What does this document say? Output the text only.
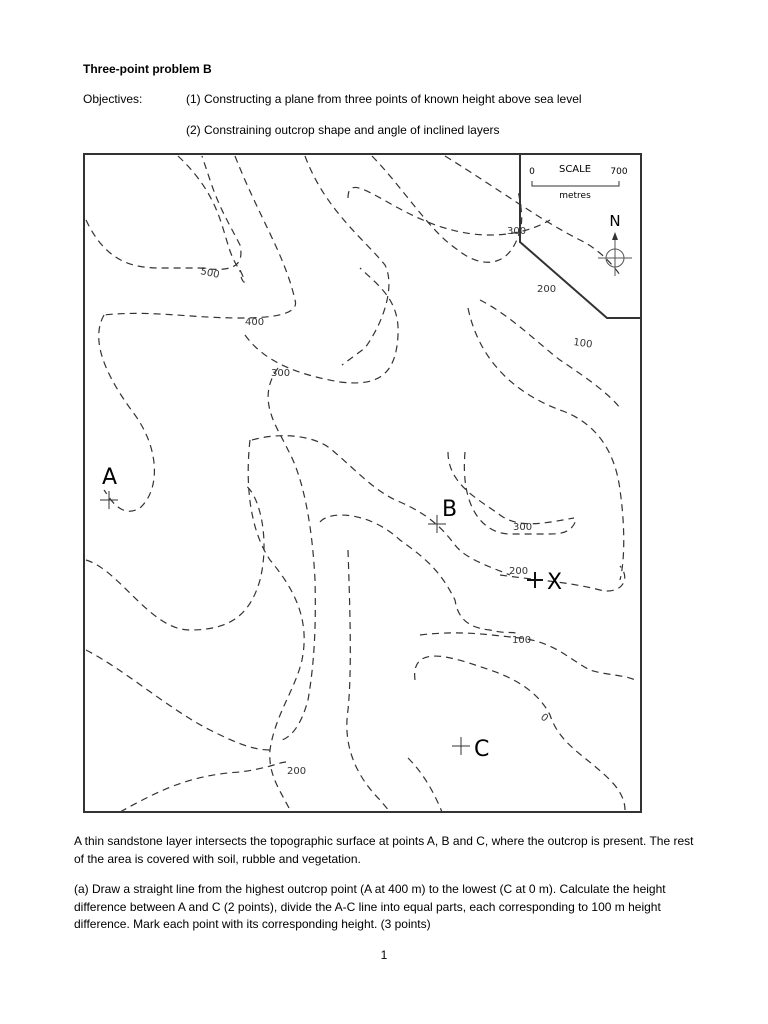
Three-point problem B
Objectives:	(1) Constructing a plane from three points of known height above sea level
(2) Constraining outcrop shape and angle of inclined layers
SCALE
0	700
metres
N
300
500
400
300
200
100
300
200
100
0
200
A
B
C
X
A thin sandstone layer intersects the topographic surface at points A, B and C, where the outcrop is present. The rest of the area is covered with soil, rubble and vegetation.
(a) Draw a straight line from the highest outcrop point (A at 400 m) to the lowest (C at 0 m). Calculate the height difference between A and C (2 points), divide the A-C line into equal parts, each corresponding to 100 m height difference. Mark each point with its corresponding height. (3 points)
1
